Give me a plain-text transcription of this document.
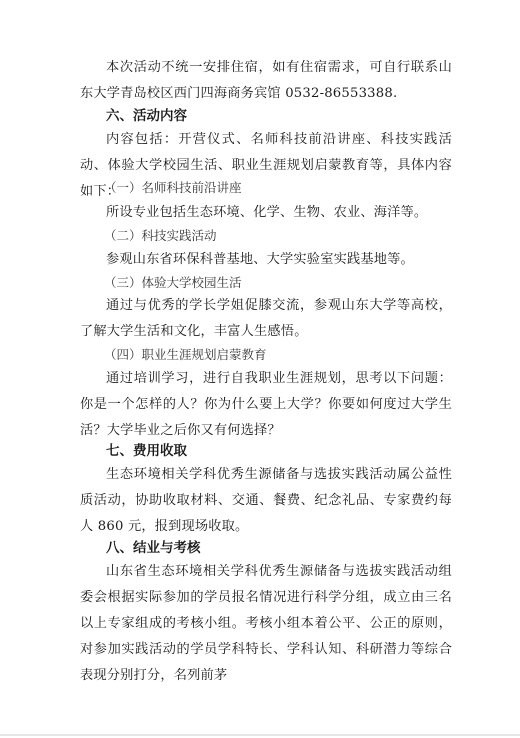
本次活动不统一安排住宿，如有住宿需求，可自行联系山东大学青岛校区西门四海商务宾馆 0532-86553388.

六、活动内容

内容包括：开营仪式、名师科技前沿讲座、科技实践活动、体验大学校园生活、职业生涯规划启蒙教育等，具体内容如下：

（一）名师科技前沿讲座

所设专业包括生态环境、化学、生物、农业、海洋等。

（二）科技实践活动

参观山东省环保科普基地、大学实验室实践基地等。

（三）体验大学校园生活

通过与优秀的学长学姐促膝交流，参观山东大学等高校，了解大学生活和文化，丰富人生感悟。

（四）职业生涯规划启蒙教育

通过培训学习，进行自我职业生涯规划，思考以下问题：你是一个怎样的人？你为什么要上大学？你要如何度过大学生活？大学毕业之后你又有何选择？

七、费用收取

生态环境相关学科优秀生源储备与选拔实践活动属公益性质活动，协助收取材料、交通、餐费、纪念礼品、专家费约每人 860 元，报到现场收取。

八、结业与考核

山东省生态环境相关学科优秀生源储备与选拔实践活动组委会根据实际参加的学员报名情况进行科学分组，成立由三名以上专家组成的考核小组。考核小组本着公平、公正的原则，对参加实践活动的学员学科特长、学科认知、科研潜力等综合表现分别打分，名列前茅
